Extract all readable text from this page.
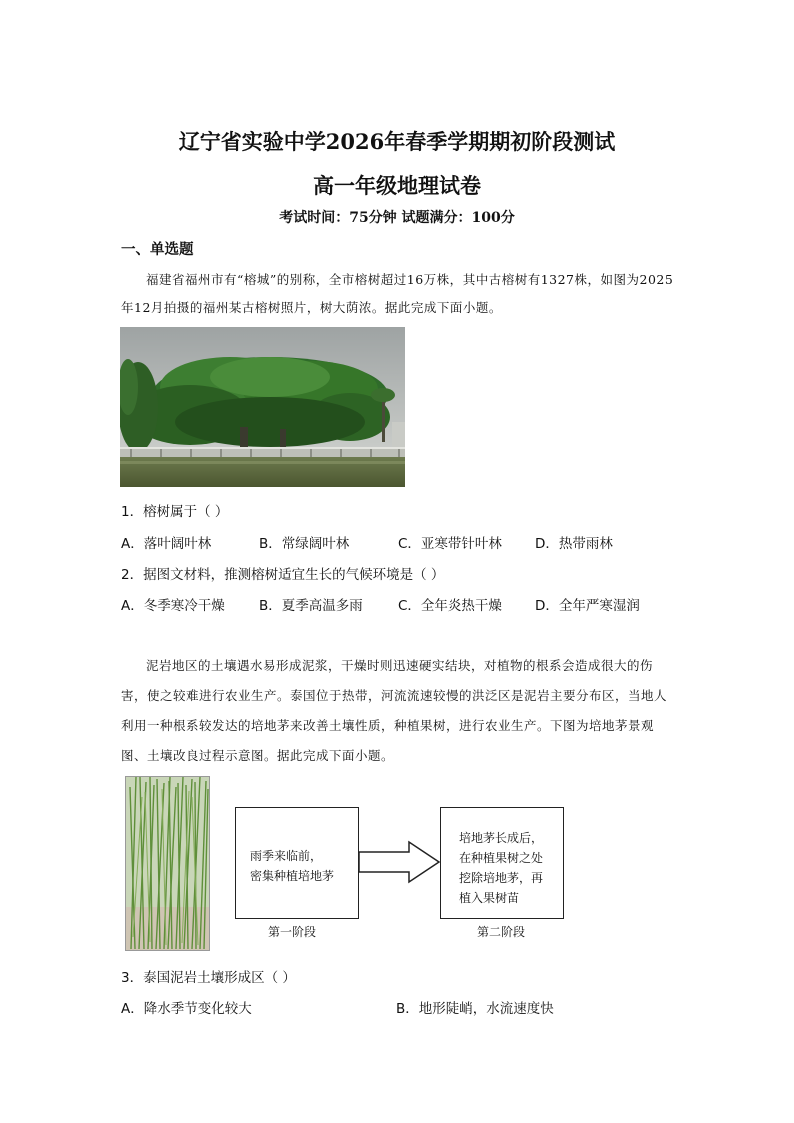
辽宁省实验中学2026年春季学期期初阶段测试
高一年级地理试卷
考试时间：75分钟 试题满分：100分
一、单选题
福建省福州市有“榕城”的别称，全市榕树超过16万株，其中古榕树有1327株，如图为2025年12月拍摄的福州某古榕树照片，树大荫浓。据此完成下面小题。
1．榕树属于（ ）
A．落叶阔叶林	B．常绿阔叶林	C．亚寒带针叶林 D．热带雨林
2．据图文材料，推测榕树适宜生长的气候环境是（ ）
A．冬季寒冷干燥	B．夏季高温多雨	C．全年炎热干燥 D．全年严寒湿润
泥岩地区的土壤遇水易形成泥浆，干燥时则迅速硬实结块，对植物的根系会造成很大的伤害，使之较难进行农业生产。泰国位于热带，河流流速较慢的洪泛区是泥岩主要分布区，当地人利用一种根系较发达的培地茅来改善土壤性质，种植果树，进行农业生产。下图为培地茅景观图、土壤改良过程示意图。据此完成下面小题。
雨季来临前，
密集种植培地茅
培地茅长成后，
在种植果树之处
挖除培地茅，再
植入果树苗
第一阶段	第二阶段
3．泰国泥岩土壤形成区（ ）
A．降水季节变化较大	B．地形陡峭，水流速度快
